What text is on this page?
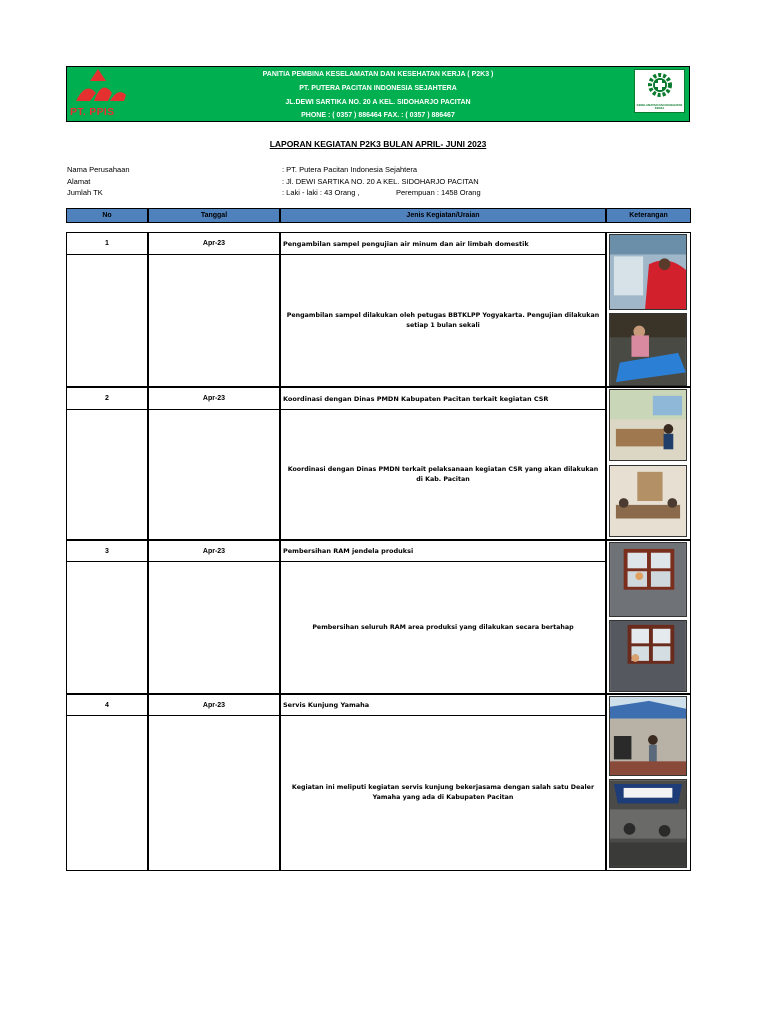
PT. PPIS
PANITIA PEMBINA KESELAMATAN DAN KESEHATAN KERJA ( P2K3 )
PT. PUTERA PACITAN INDONESIA SEJAHTERA
JL.DEWI SARTIKA NO. 20 A KEL. SIDOHARJO PACITAN
PHONE : ( 0357 ) 886464 FAX. : ( 0357 ) 886467
KESELAMATAN DAN KESEHATAN KERJA
LAPORAN KEGIATAN P2K3 BULAN APRIL- JUNI 2023
Nama Perusahaan	: PT. Putera Pacitan Indonesia Sejahtera
Alamat	: Jl. DEWI SARTIKA NO. 20 A KEL. SIDOHARJO PACITAN
Jumlah TK	: Laki - laki : 43 Orang ,	Perempuan : 1458 Orang
No	Tanggal	Jenis Kegiatan/Uraian	Keterangan
1	Apr-23	Pengambilan sampel pengujian air minum dan air limbah domestik
Pengambilan sampel dilakukan oleh petugas BBTKLPP Yogyakarta. Pengujian dilakukan setiap 1 bulan sekali
2	Apr-23	Koordinasi dengan Dinas PMDN Kabupaten Pacitan terkait kegiatan CSR
Koordinasi dengan Dinas PMDN terkait pelaksanaan kegiatan CSR yang akan dilakukan di Kab. Pacitan
3	Apr-23	Pembersihan RAM jendela produksi
Pembersihan seluruh RAM area produksi yang dilakukan secara bertahap
4	Apr-23	Servis Kunjung Yamaha
Kegiatan ini meliputi kegiatan servis kunjung bekerjasama dengan salah satu Dealer Yamaha yang ada di Kabupaten Pacitan
